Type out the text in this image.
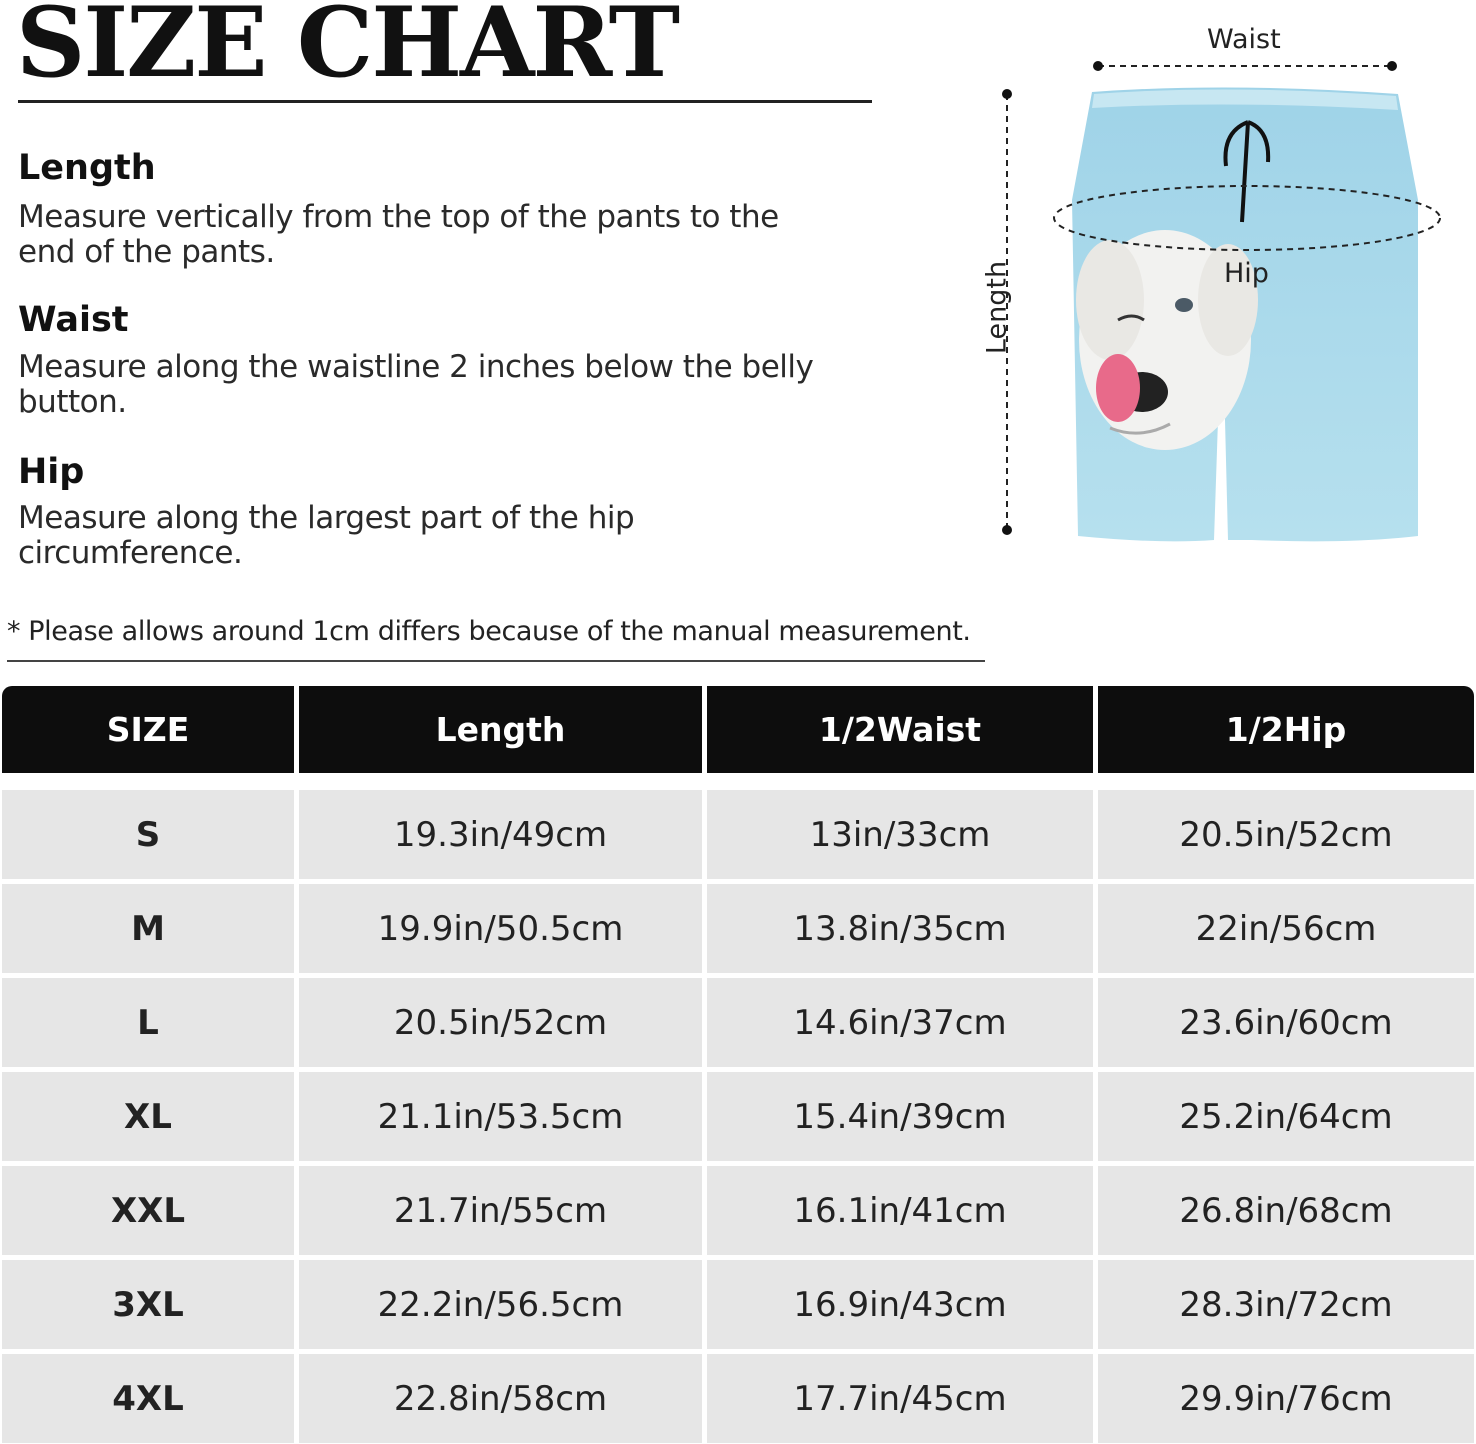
SIZE CHART
Length
Measure vertically from the top of the pants to the end of the pants.
Waist
Measure along the waistline 2 inches below the belly button.
Hip
Measure along the largest part of the hip circumference.
* Please allows around 1cm differs because of the manual measurement.
Waist
Hip
Length
SIZE	Length	1/2Waist	1/2Hip
S	19.3in/49cm	13in/33cm	20.5in/52cm
M	19.9in/50.5cm	13.8in/35cm	22in/56cm
L	20.5in/52cm	14.6in/37cm	23.6in/60cm
XL	21.1in/53.5cm	15.4in/39cm	25.2in/64cm
XXL	21.7in/55cm	16.1in/41cm	26.8in/68cm
3XL	22.2in/56.5cm	16.9in/43cm	28.3in/72cm
4XL	22.8in/58cm	17.7in/45cm	29.9in/76cm
